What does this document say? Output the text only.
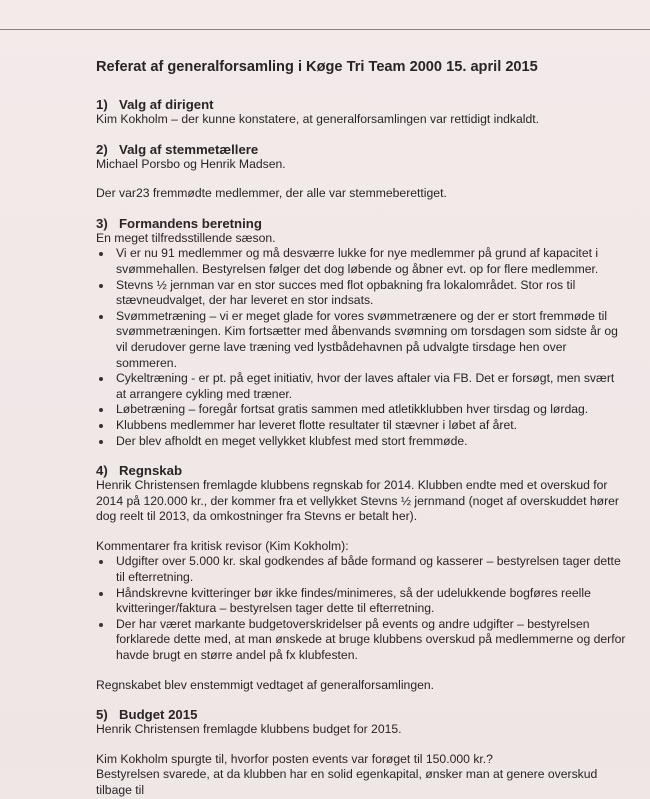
Referat af generalforsamling i Køge Tri Team 2000 15. april 2015
1) Valg af dirigent

Kim Kokholm – der kunne konstatere, at generalforsamlingen var rettidigt indkaldt.

2) Valg af stemmetællere

Michael Porsbo og Henrik Madsen.

Der var23 fremmødte medlemmer, der alle var stemmeberettiget.

3) Formandens beretning

En meget tilfredsstillende sæson.

Vi er nu 91 medlemmer og må desværre lukke for nye medlemmer på grund af kapacitet i svømmehallen. Bestyrelsen følger det dog løbende og åbner evt. op for flere medlemmer.
Stevns ½ jernman var en stor succes med flot opbakning fra lokalområdet. Stor ros til stævneudvalget, der har leveret en stor indsats.
Svømmetræning – vi er meget glade for vores svømmetrænere og der er stort fremmøde til svømmetræningen. Kim fortsætter med åbenvands svømning om torsdagen som sidste år og vil derudover gerne lave træning ved lystbådehavnen på udvalgte tirsdage hen over sommeren.
Cykeltræning - er pt. på eget initiativ, hvor der laves aftaler via FB. Det er forsøgt, men svært at arrangere cykling med træner.
Løbetræning – foregår fortsat gratis sammen med atletikklubben hver tirsdag og lørdag.
Klubbens medlemmer har leveret flotte resultater til stævner i løbet af året.
Der blev afholdt en meget vellykket klubfest med stort fremmøde.
4) Regnskab

Henrik Christensen fremlagde klubbens regnskab for 2014. Klubben endte med et overskud for 2014 på 120.000 kr., der kommer fra et vellykket Stevns ½ jernmand (noget af overskuddet hører dog reelt til 2013, da omkostninger fra Stevns er betalt her).

Kommentarer fra kritisk revisor (Kim Kokholm):

Udgifter over 5.000 kr. skal godkendes af både formand og kasserer – bestyrelsen tager dette til efterretning.
Håndskrevne kvitteringer bør ikke findes/minimeres, så der udelukkende bogføres reelle kvitteringer/faktura – bestyrelsen tager dette til efterretning.
Der har været markante budgetoverskridelser på events og andre udgifter – bestyrelsen forklarede dette med, at man ønskede at bruge klubbens overskud på medlemmerne og derfor havde brugt en større andel på fx klubfesten.

Regnskabet blev enstemmigt vedtaget af generalforsamlingen.

5) Budget 2015

Henrik Christensen fremlagde klubbens budget for 2015.

Kim Kokholm spurgte til, hvorfor posten events var forøget til 150.000 kr.?

Bestyrelsen svarede, at da klubben har en solid egenkapital, ønsker man at genere overskud tilbage til
